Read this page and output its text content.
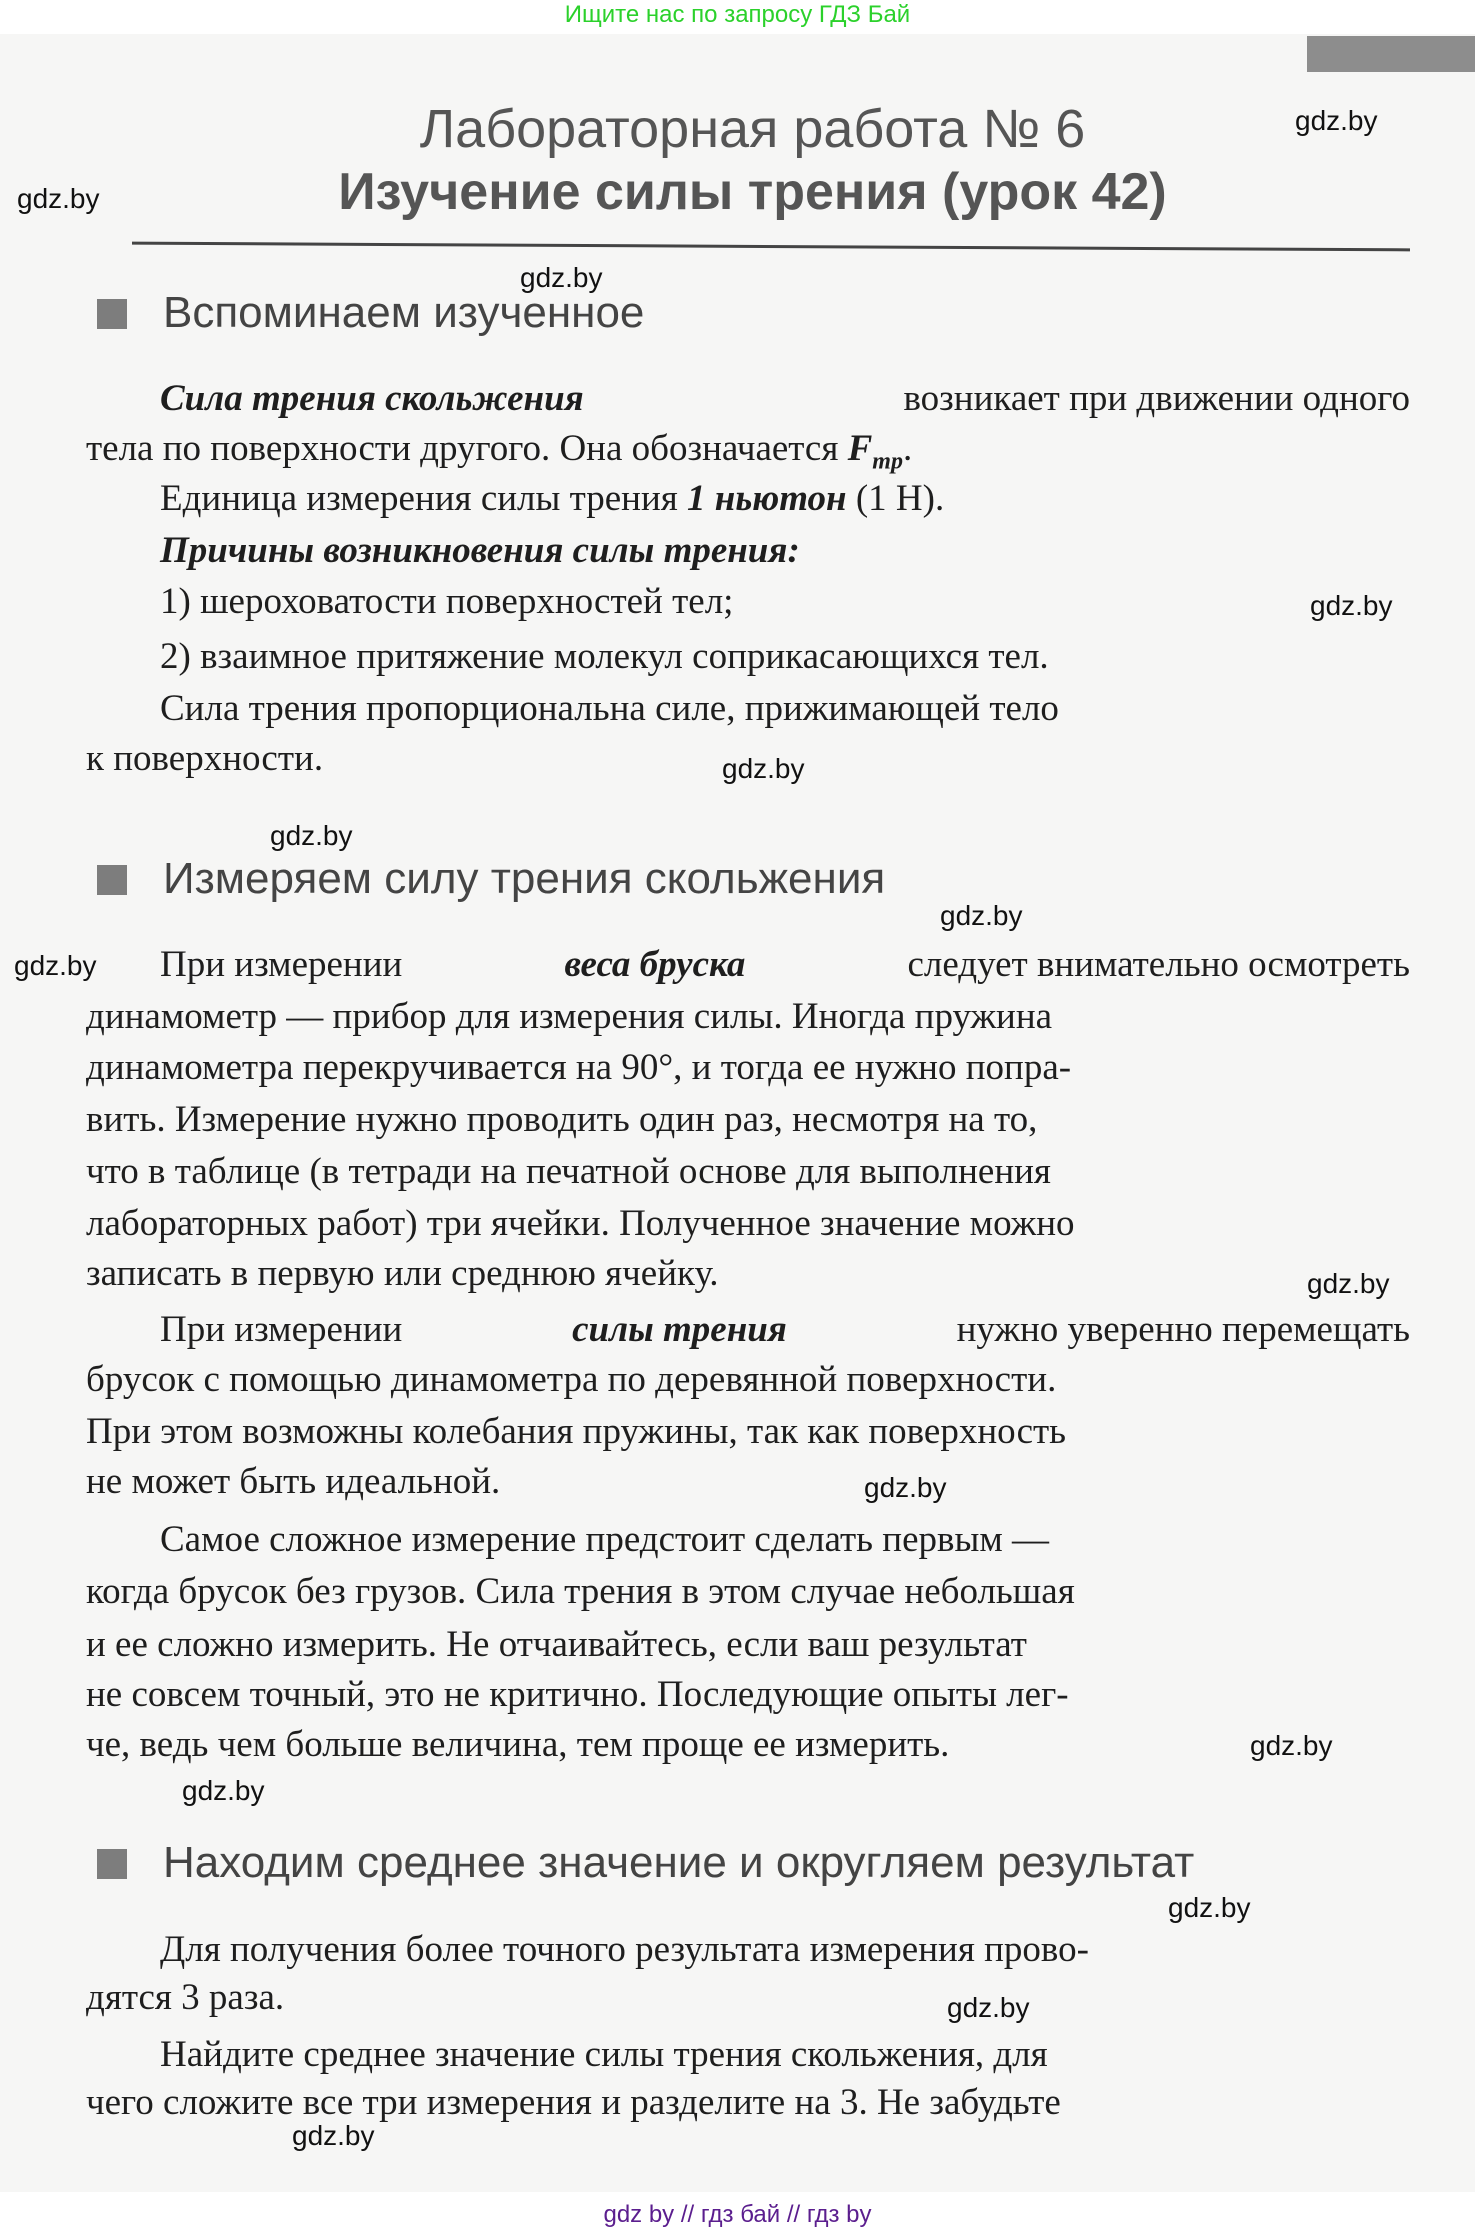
Ищите нас по запросу ГДЗ Бай
Лабораторная работа № 6
Изучение силы трения (урок 42)
Вспоминаем изученное
Измеряем силу трения скольжения
Находим среднее значение и округляем результат
Сила трения скольжения	возникает при движении одного
тела по поверхности другого. Она обозначается $F_{тр}$ .
Единица измерения силы трения 1 ньютон (1 Н).
Причины возникновения силы трения:
1) шероховатости поверхностей тел;
2) взаимное притяжение молекул соприкасающихся тел.
Сила трения пропорциональна силе, прижимающей тело
к поверхности.
При измерении	веса бруска	следует внимательно осмотреть
динамометр — прибор для измерения силы. Иногда пружина
динамометра перекручивается на 90°, и тогда ее нужно попра-
вить. Измерение нужно проводить один раз, несмотря на то,
что в таблице (в тетради на печатной основе для выполнения
лабораторных работ) три ячейки. Полученное значение можно
записать в первую или среднюю ячейку.
При измерении	силы трения	нужно уверенно перемещать
брусок с помощью динамометра по деревянной поверхности.
При этом возможны колебания пружины, так как поверхность
не может быть идеальной.
Самое сложное измерение предстоит сделать первым —
когда брусок без грузов. Сила трения в этом случае небольшая
и ее сложно измерить. Не отчаивайтесь, если ваш результат
не совсем точный, это не критично. Последующие опыты лег-
че, ведь чем больше величина, тем проще ее измерить.
Для получения более точного результата измерения прово-
дятся 3 раза.
Найдите среднее значение силы трения скольжения, для
чего сложите все три измерения и разделите на 3. Не забудьте
gdz.by
gdz.by
gdz.by
gdz.by
gdz.by
gdz.by
gdz.by
gdz.by
gdz.by
gdz.by
gdz.by
gdz.by
gdz.by
gdz.by
gdz.by
gdz by // гдз бай // гдз by
